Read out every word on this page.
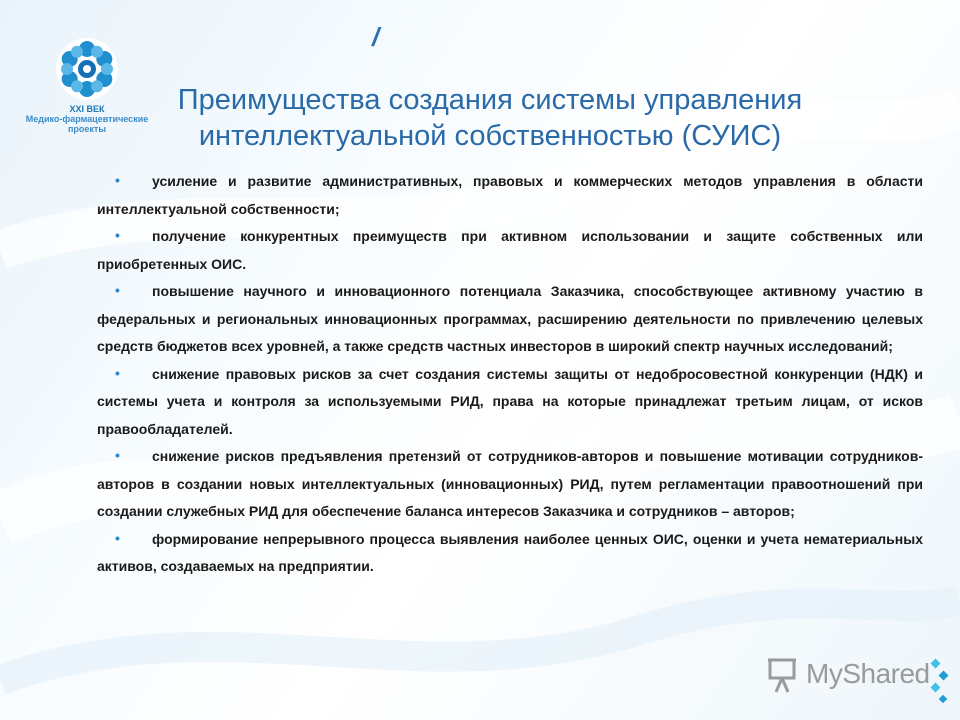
/
XXI ВЕК
Медико-фармацевтические
проекты
Преимущества создания системы управления
интеллектуальной собственностью (СУИС)
• усиление и развитие административных, правовых и коммерческих методов управления в области интеллектуальной собственности;
• получение конкурентных преимуществ при активном использовании и защите собственных или приобретенных ОИС.
• повышение научного и инновационного потенциала Заказчика, способствующее активному участию в федеральных и региональных инновационных программах, расширению деятельности по привлечению целевых средств бюджетов всех уровней, а также средств частных инвесторов в широкий спектр научных исследований;
• снижение правовых рисков за счет создания системы защиты от недобросовестной конкуренции (НДК) и системы учета и контроля за используемыми РИД, права на которые принадлежат третьим лицам, от исков правообладателей.
• снижение рисков предъявления претензий от сотрудников-авторов и повышение мотивации сотрудников-авторов в создании новых интеллектуальных (инновационных) РИД, путем регламентации правоотношений при создании служебных РИД для обеспечение баланса интересов Заказчика и сотрудников – авторов;
• формирование непрерывного процесса выявления наиболее ценных ОИС, оценки и учета нематериальных активов, создаваемых на предприятии.
MyShared
